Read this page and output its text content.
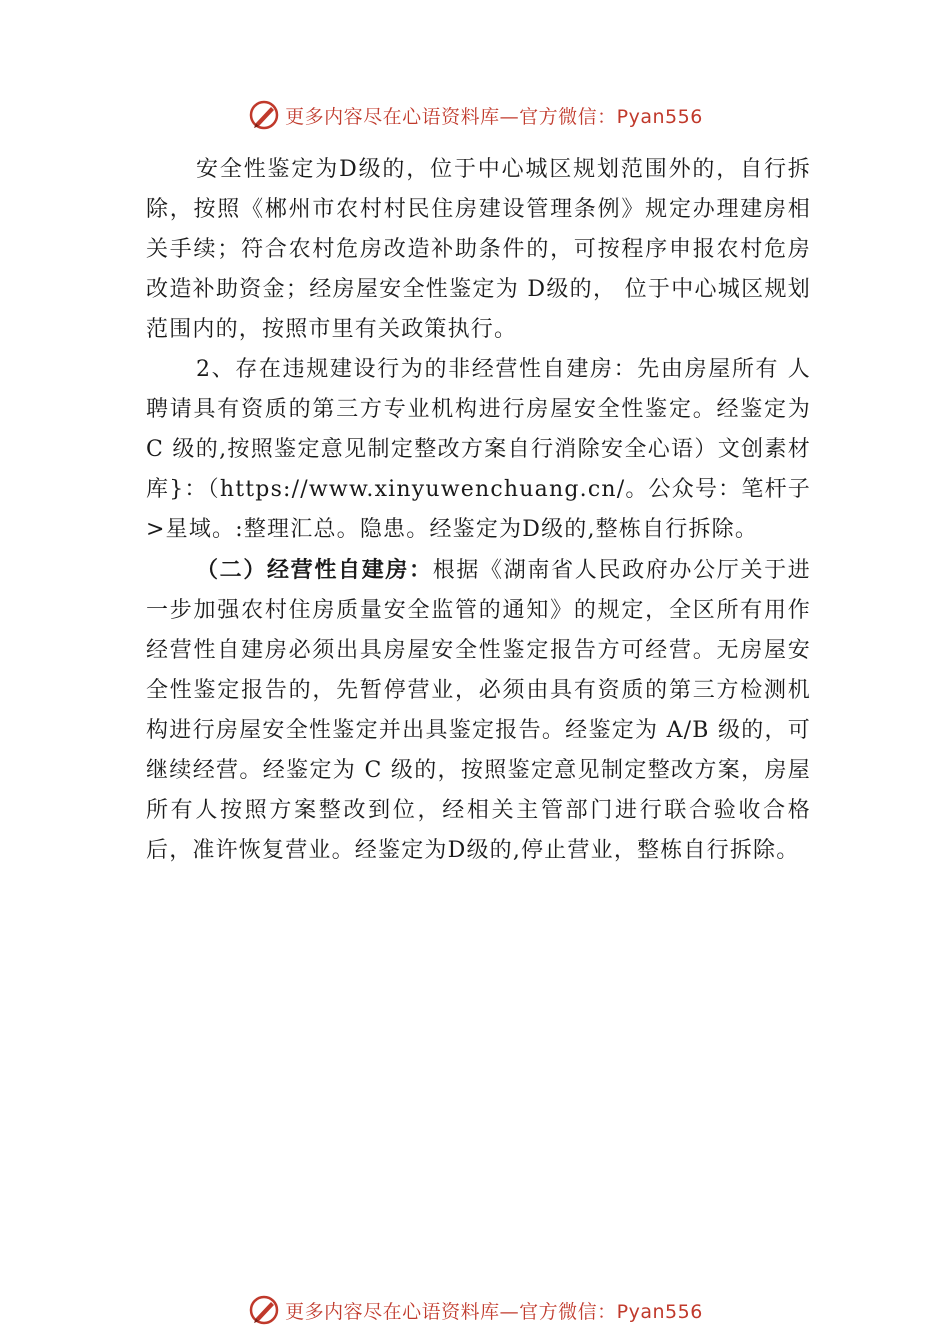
更多内容尽在心语资料库—官方微信：Pyan556

安全性鉴定为D级的，位于中心城区规划范围外的，自行拆除，按照《郴州市农村村民住房建设管理条例》规定办理建房相关手续；符合农村危房改造补助条件的，可按程序申报农村危房改造补助资金；经房屋安全性鉴定为 D级的， 位于中心城区规划范围内的，按照市里有关政策执行。

2、存在违规建设行为的非经营性自建房：先由房屋所有 人聘请具有资质的第三方专业机构进行房屋安全性鉴定。经鉴定为 C 级的,按照鉴定意见制定整改方案自行消除安全心语）文创素材库}：（https://www.xinyuwenchuang.cn/。公众号：笔杆子>星域。:整理汇总。隐患。经鉴定为D级的,整栋自行拆除。

（二）经营性自建房：根据《湖南省人民政府办公厅关于进一步加强农村住房质量安全监管的通知》的规定，全区所有用作经营性自建房必须出具房屋安全性鉴定报告方可经营。无房屋安全性鉴定报告的，先暂停营业，必须由具有资质的第三方检测机构进行房屋安全性鉴定并出具鉴定报告。经鉴定为 A/B 级的，可继续经营。经鉴定为 C 级的，按照鉴定意见制定整改方案，房屋所有人按照方案整改到位，经相关主管部门进行联合验收合格后，准许恢复营业。经鉴定为D级的,停止营业，整栋自行拆除。

更多内容尽在心语资料库—官方微信：Pyan556
